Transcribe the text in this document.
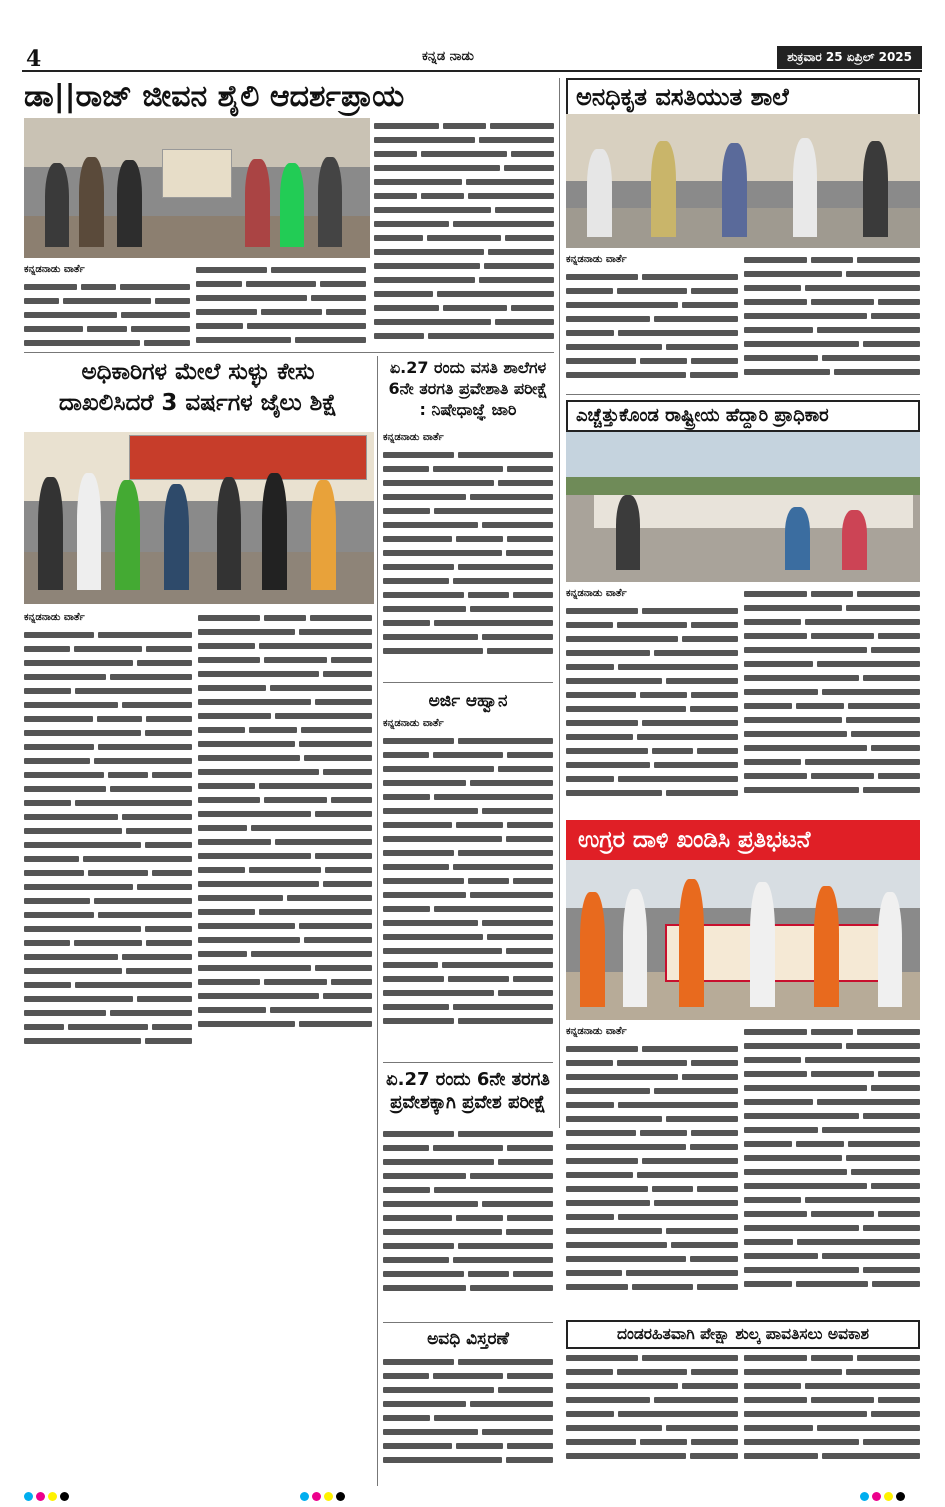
4	ಕನ್ನಡ ನಾಡು	ಶುಕ್ರವಾರ 25 ಏಪ್ರಿಲ್ 2025
ಡಾ||ರಾಜ್ ಜೀವನ ಶೈಲಿ ಆದರ್ಶಪ್ರಾಯ
ಕನ್ನಡನಾಡು ವಾರ್ತೆ
ಅನಧಿಕೃತ ವಸತಿಯುತ ಶಾಲೆ
ಕನ್ನಡನಾಡು ವಾರ್ತೆ
ಅಧಿಕಾರಿಗಳ ಮೇಲೆ ಸುಳ್ಳು ಕೇಸು
ದಾಖಲಿಸಿದರೆ 3 ವರ್ಷಗಳ ಜೈಲು ಶಿಕ್ಷೆ
ಕನ್ನಡನಾಡು ವಾರ್ತೆ
ಏ.27 ರಂದು ವಸತಿ ಶಾಲೆಗಳ 6ನೇ ತರಗತಿ ಪ್ರವೇಶಾತಿ ಪರೀಕ್ಷೆ : ನಿಷೇಧಾಜ್ಞೆ ಜಾರಿ
ಕನ್ನಡನಾಡು ವಾರ್ತೆ
ಅರ್ಜಿ ಆಹ್ವಾನ
ಕನ್ನಡನಾಡು ವಾರ್ತೆ
ಏ.27 ರಂದು 6ನೇ ತರಗತಿ ಪ್ರವೇಶಕ್ಕಾಗಿ ಪ್ರವೇಶ ಪರೀಕ್ಷೆ
ಅವಧಿ ವಿಸ್ತರಣೆ
ಎಚ್ಚೆತ್ತುಕೊಂಡ ರಾಷ್ಟ್ರೀಯ ಹೆದ್ದಾರಿ ಪ್ರಾಧಿಕಾರ
ಕನ್ನಡನಾಡು ವಾರ್ತೆ
ಉಗ್ರರ ದಾಳಿ ಖಂಡಿಸಿ ಪ್ರತಿಭಟನೆ
ಕನ್ನಡನಾಡು ವಾರ್ತೆ
ದಂಡರಹಿತವಾಗಿ ಪೇಕ್ಷಾ ಶುಲ್ಕ ಪಾವತಿಸಲು ಅವಕಾಶ
